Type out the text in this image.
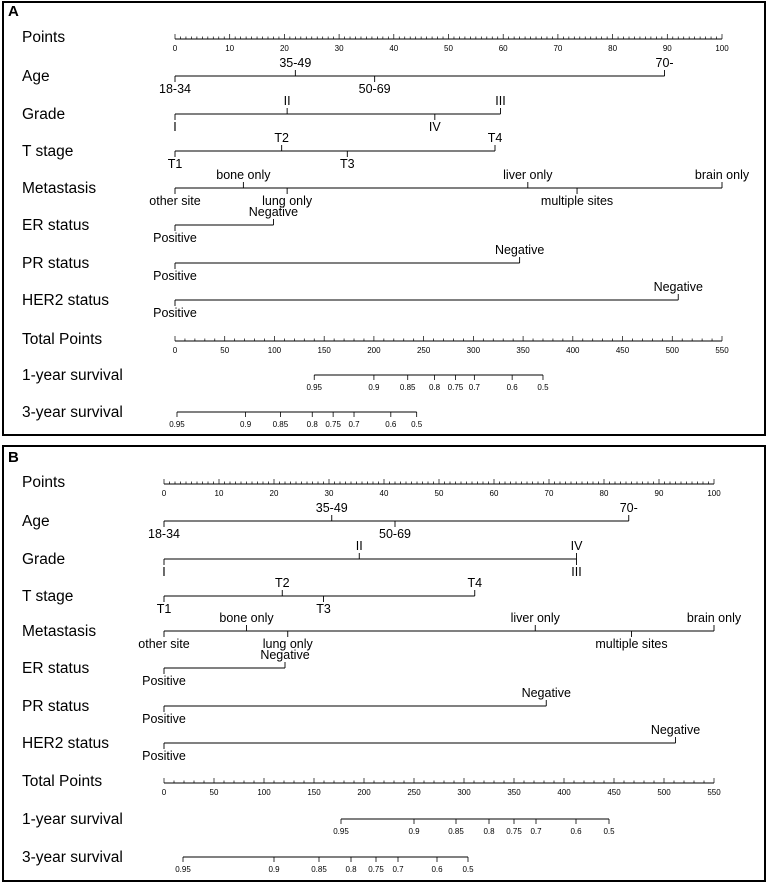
A
Points
0	10	20	30	40	50	60	70	80	90	100
Age
18-34
35-49
50-69
70-
Grade
I
II
IV
III
T stage
T1
T2
T3
T4
Metastasis
other site
bone only
lung only
liver only
multiple sites
brain only
ER status
Positive
Negative
PR status
Positive
Negative
HER2 status
Positive
Negative
Total Points
0	50	100	150	200	250	300	350	400	450	500	550
1-year survival
0.95	0.9	0.85 0.8 0.75 0.7	0.6 0.5
3-year survival
0.95	0.9	0.85 0.8 0.75 0.7	0.6 0.5
B
Points
0	10	20	30	40	50	60	70	80	90	100
Age
18-34
35-49
50-69
70-
Grade
I
II	IV
III
T stage
T1
T2
T3
T4
Metastasis
other site
bone only
lung only
liver only
multiple sites
brain only
ER status
Positive
Negative
PR status
Positive
Negative
HER2 status
Positive
Negative
Total Points
0	50	100	150	200	250	300	350	400	450	500	550
1-year survival
0.95	0.9	0.85 0.8 0.75 0.7	0.6	0.5
3-year survival
0.95	0.9	0.85 0.8 0.75 0.7	0.6 0.5
